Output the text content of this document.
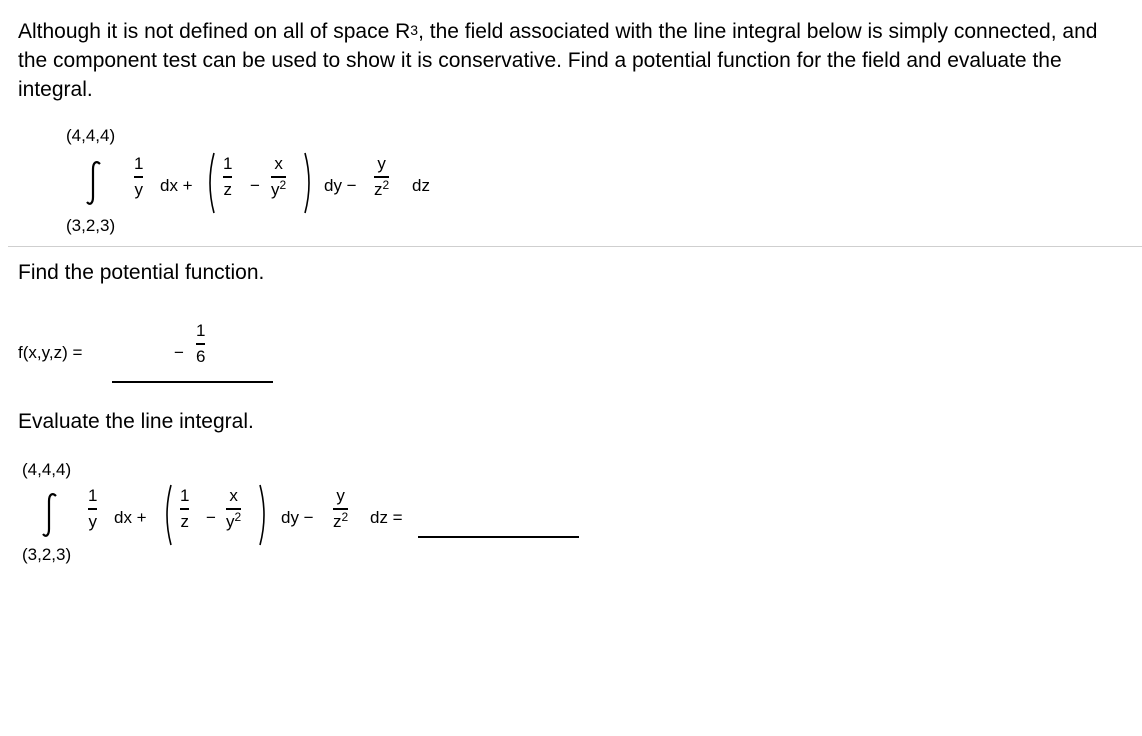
Although it is not defined on all of space $R^3$, the field associated with the line integral below is simply connected, and the component test can be used to show it is conservative. Find a potential function for the field and evaluate the integral.
(4,4,4)
(3,2,3)
1
y dx +
1
z −
x
$y^2$ dy −
y
$z^2$ dz
Find the potential function.
f(x,y,z) =	−
1
6
Evaluate the line integral.
(4,4,4)
(3,2,3)
1
y dx +
1
z −
x
$y^2$ dy −
y
$z^2$ dz =
